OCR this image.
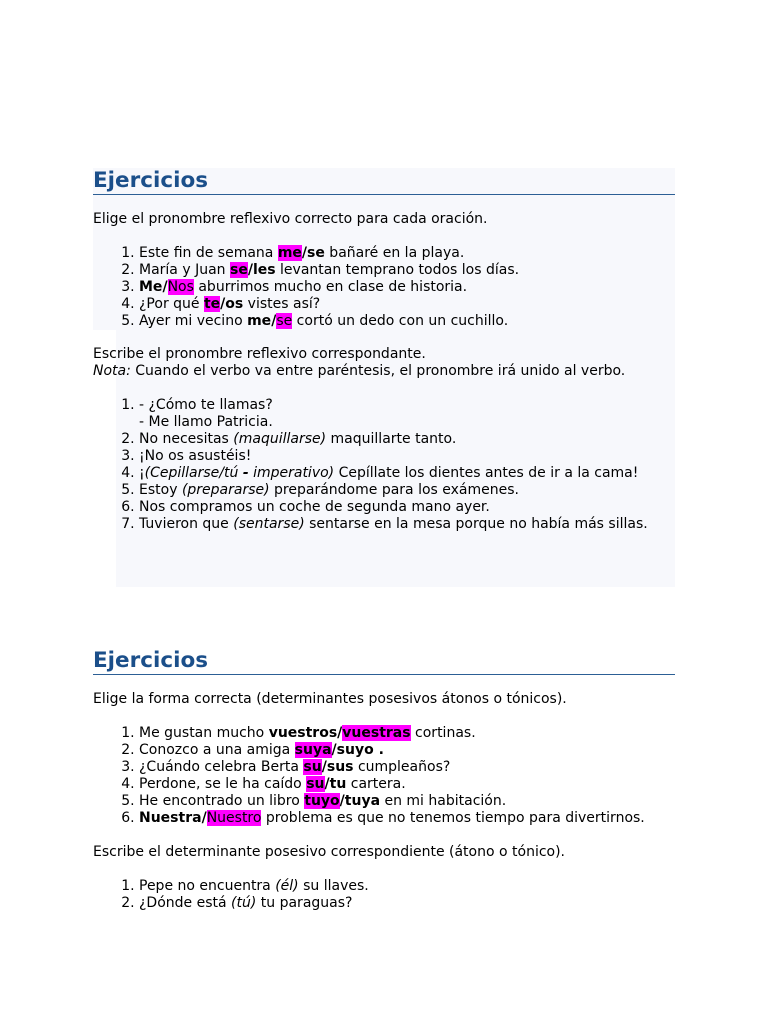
Ejercicios

Elige el pronombre reflexivo correcto para cada oración.

1. Este fin de semana me/se bañaré en la playa.
2. María y Juan se/les levantan temprano todos los días.
3. Me/Nos aburrimos mucho en clase de historia.
4. ¿Por qué te/os vistes así?
5. Ayer mi vecino me/se cortó un dedo con un cuchillo.

Escribe el pronombre reflexivo correspondante.

Nota: Cuando el verbo va entre paréntesis, el pronombre irá unido al verbo.

1. - ¿Cómo te llamas?
- Me llamo Patricia.
2. No necesitas (maquillarse) maquillarte tanto.
3. ¡No os asustéis!
4. ¡(Cepillarse/tú - imperativo) Cepíllate los dientes antes de ir a la cama!
5. Estoy (prepararse) preparándome para los exámenes.
6. Nos compramos un coche de segunda mano ayer.
7. Tuvieron que (sentarse) sentarse en la mesa porque no había más sillas.
Ejercicios

Elige la forma correcta (determinantes posesivos átonos o tónicos).

1. Me gustan mucho vuestros/vuestras cortinas.
2. Conozco a una amiga suya/suyo .
3. ¿Cuándo celebra Berta su/sus cumpleaños?
4. Perdone, se le ha caído su/tu cartera.
5. He encontrado un libro tuyo/tuya en mi habitación.
6. Nuestra/Nuestro problema es que no tenemos tiempo para divertirnos.

Escribe el determinante posesivo correspondiente (átono o tónico).

1. Pepe no encuentra (él) su llaves.
2. ¿Dónde está (tú) tu paraguas?
